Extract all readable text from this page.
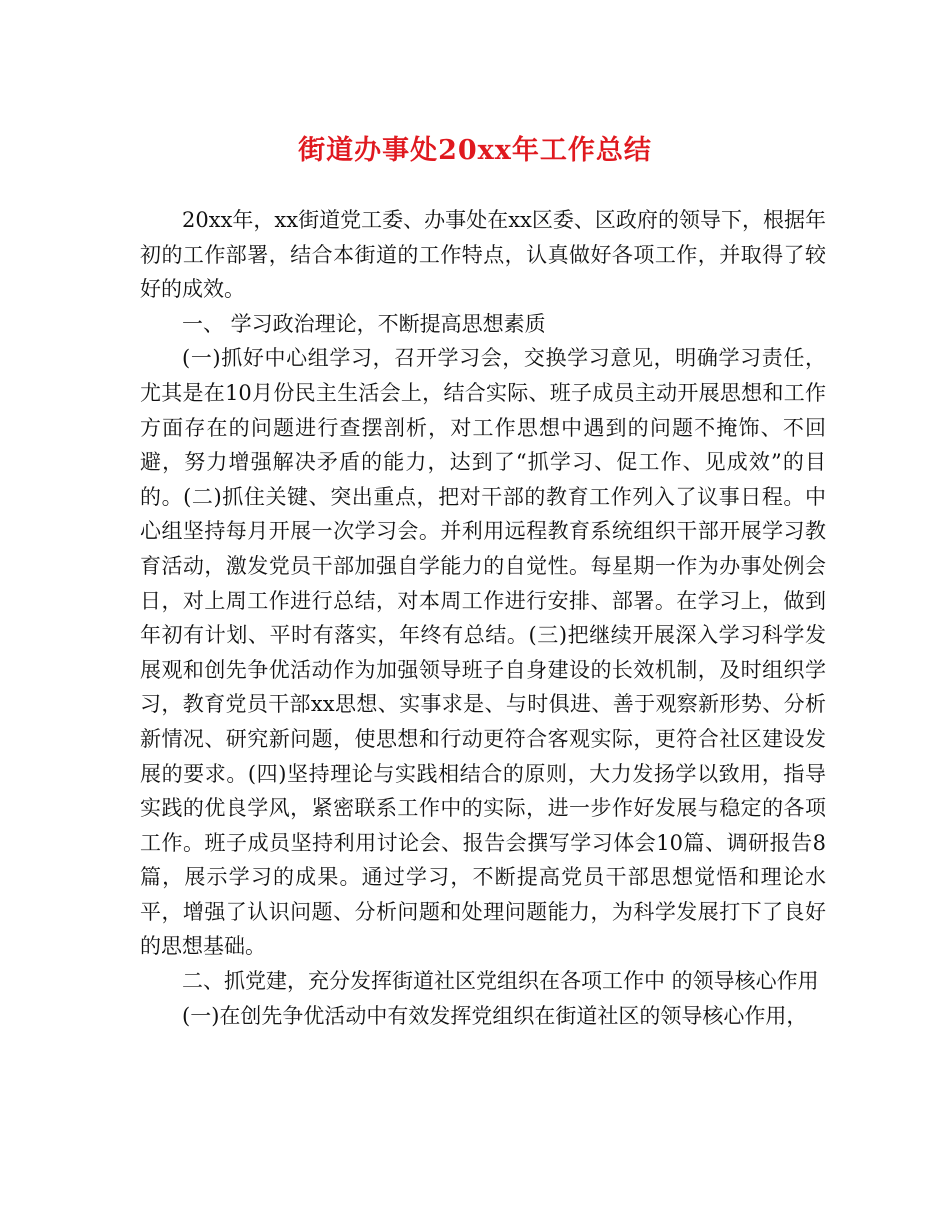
街道办事处20xx年工作总结

20xx年，xx街道党工委、办事处在xx区委、区政府的领导下，根据年初的工作部署，结合本街道的工作特点，认真做好各项工作，并取得了较好的成效。

一、 学习政治理论，不断提高思想素质

(一)抓好中心组学习，召开学习会，交换学习意见，明确学习责任，尤其是在10月份民主生活会上，结合实际、班子成员主动开展思想和工作方面存在的问题进行查摆剖析，对工作思想中遇到的问题不掩饰、不回避，努力增强解决矛盾的能力，达到了“抓学习、促工作、见成效”的目的。(二)抓住关键、突出重点，把对干部的教育工作列入了议事日程。中心组坚持每月开展一次学习会。并利用远程教育系统组织干部开展学习教育活动，激发党员干部加强自学能力的自觉性。每星期一作为办事处例会日，对上周工作进行总结，对本周工作进行安排、部署。在学习上，做到年初有计划、平时有落实，年终有总结。(三)把继续开展深入学习科学发展观和创先争优活动作为加强领导班子自身建设的长效机制，及时组织学习，教育党员干部xx思想、实事求是、与时俱进、善于观察新形势、分析新情况、研究新问题，使思想和行动更符合客观实际，更符合社区建设发展的要求。(四)坚持理论与实践相结合的原则，大力发扬学以致用，指导实践的优良学风，紧密联系工作中的实际，进一步作好发展与稳定的各项工作。班子成员坚持利用讨论会、报告会撰写学习体会10篇、调研报告8篇，展示学习的成果。通过学习，不断提高党员干部思想觉悟和理论水平，增强了认识问题、分析问题和处理问题能力，为科学发展打下了良好的思想基础。

二、抓党建，充分发挥街道社区党组织在各项工作中 的领导核心作用

(一)在创先争优活动中有效发挥党组织在街道社区的领导核心作用，
